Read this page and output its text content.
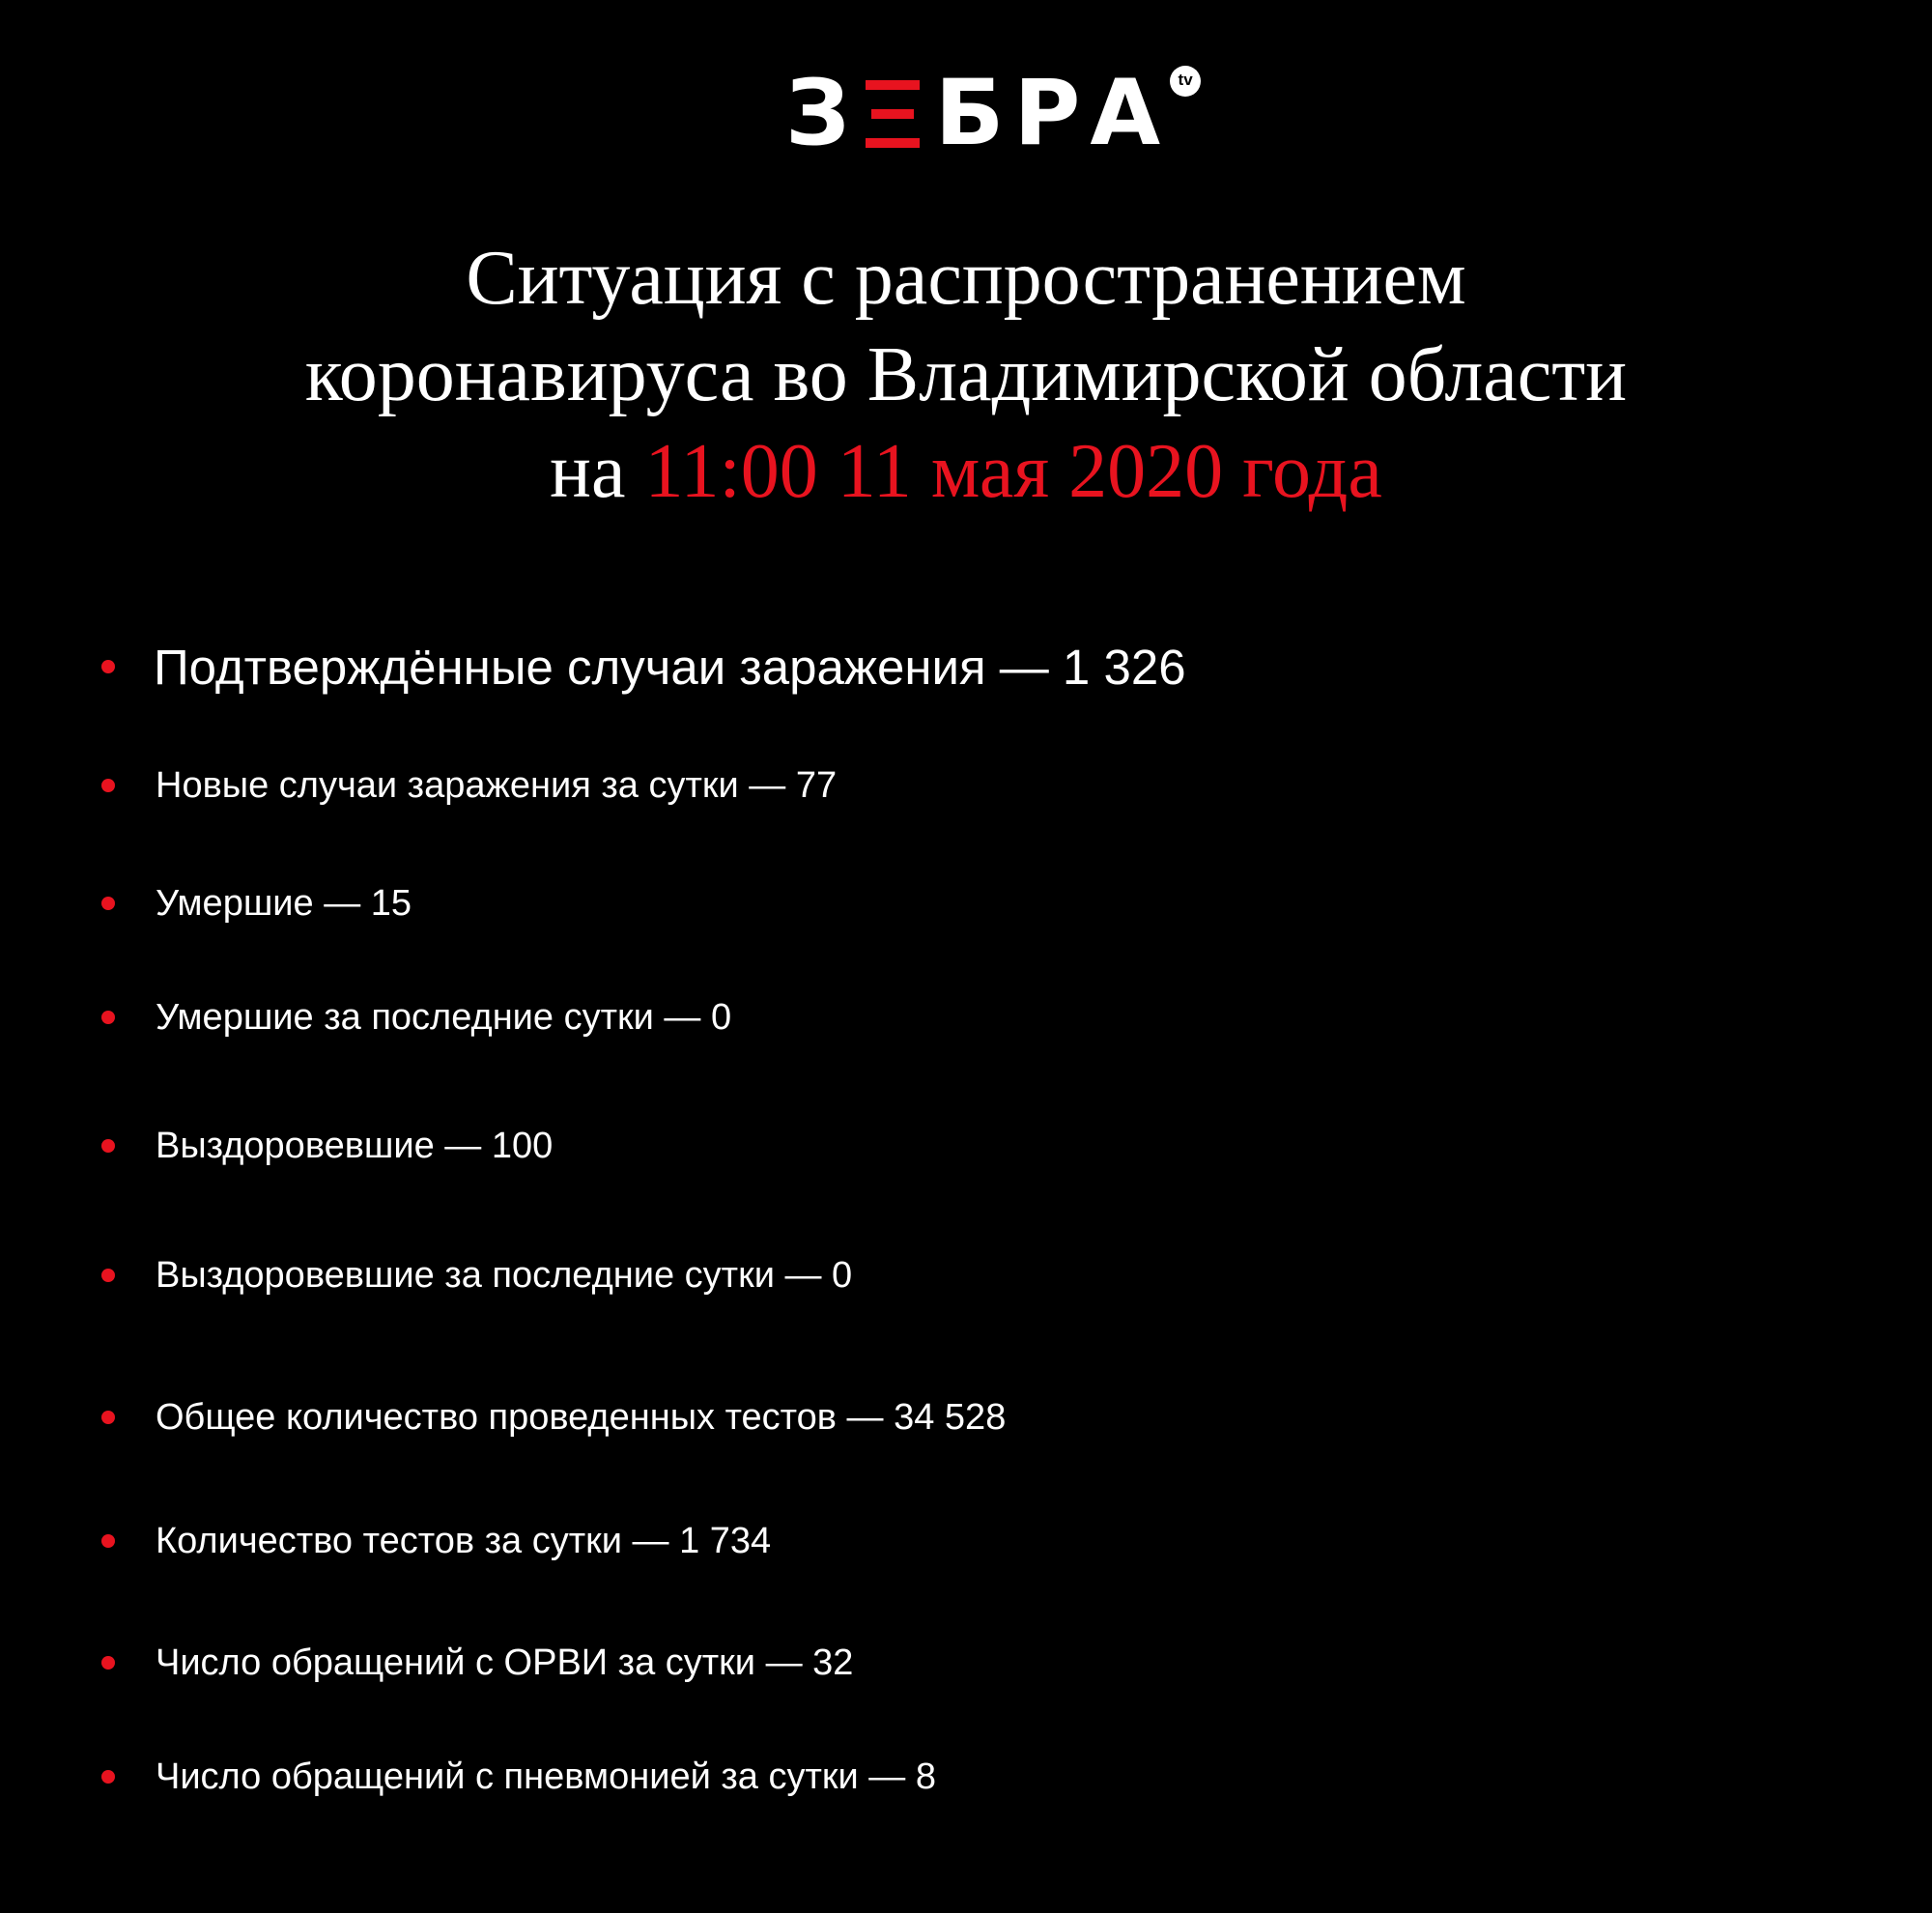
З Б Р А tv
Ситуация с распространением
коронавируса во Владимирской области
на 11:00 11 мая 2020 года
Подтверждённые случаи заражения — 1 326
Новые случаи заражения за сутки — 77
Умершие — 15
Умершие за последние сутки — 0
Выздоровевшие — 100
Выздоровевшие за последние сутки — 0
Общее количество проведенных тестов — 34 528
Количество тестов за сутки — 1 734
Число обращений с ОРВИ за сутки — 32
Число обращений с пневмонией за сутки — 8
